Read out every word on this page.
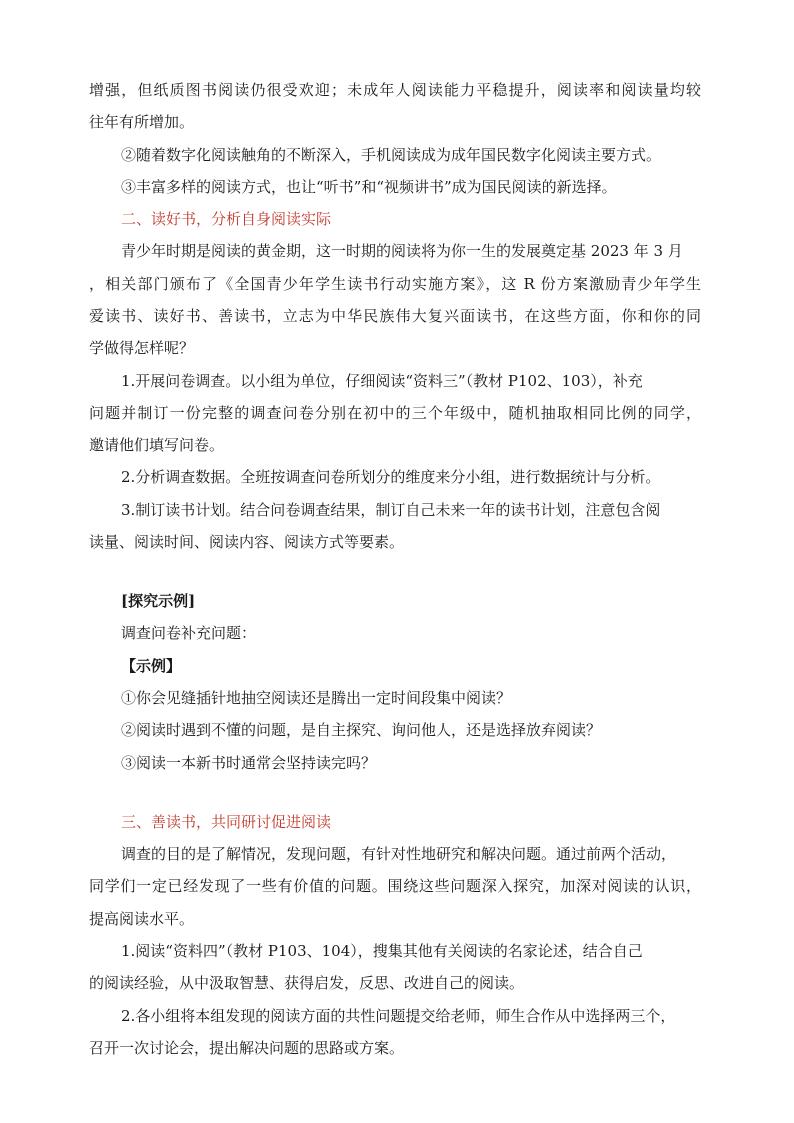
增强，但纸质图书阅读仍很受欢迎；未成年人阅读能力平稳提升，阅读率和阅读量均较
往年有所增加。
②随着数字化阅读触角的不断深入，手机阅读成为成年国民数字化阅读主要方式。
③丰富多样的阅读方式，也让“听书”和“视频讲书”成为国民阅读的新选择。
二、读好书，分析自身阅读实际
青少年时期是阅读的黄金期，这一时期的阅读将为你一生的发展奠定基 2023 年 3 月
，相关部门颁布了《全国青少年学生读书行动实施方案》，这 R 份方案激励青少年学生
爱读书、读好书、善读书，立志为中华民族伟大复兴面读书，在这些方面，你和你的同
学做得怎样呢？
1.开展问卷调查。以小组为单位，仔细阅读“资料三”（教材 P102、103），补充
问题并制订一份完整的调查问卷分别在初中的三个年级中，随机抽取相同比例的同学，
邀请他们填写问卷。
2.分析调查数据。全班按调查问卷所划分的维度来分小组，进行数据统计与分析。
3.制订读书计划。结合问卷调查结果，制订自己未来一年的读书计划，注意包含阅
读量、阅读时间、阅读内容、阅读方式等要素。
[探究示例]
调查问卷补充问题：
【示例】
①你会见缝插针地抽空阅读还是腾出一定时间段集中阅读？
②阅读时遇到不懂的问题，是自主探究、询问他人，还是选择放弃阅读？
③阅读一本新书时通常会坚持读完吗？
三、善读书，共同研讨促进阅读
调查的目的是了解情况，发现问题，有针对性地研究和解决问题。通过前两个活动，
同学们一定已经发现了一些有价值的问题。围绕这些问题深入探究，加深对阅读的认识，
提高阅读水平。
1.阅读“资料四”（教材 P103、104），搜集其他有关阅读的名家论述，结合自己
的阅读经验，从中汲取智慧、获得启发，反思、改进自己的阅读。
2.各小组将本组发现的阅读方面的共性问题提交给老师，师生合作从中选择两三个，
召开一次讨论会，提出解决问题的思路或方案。
